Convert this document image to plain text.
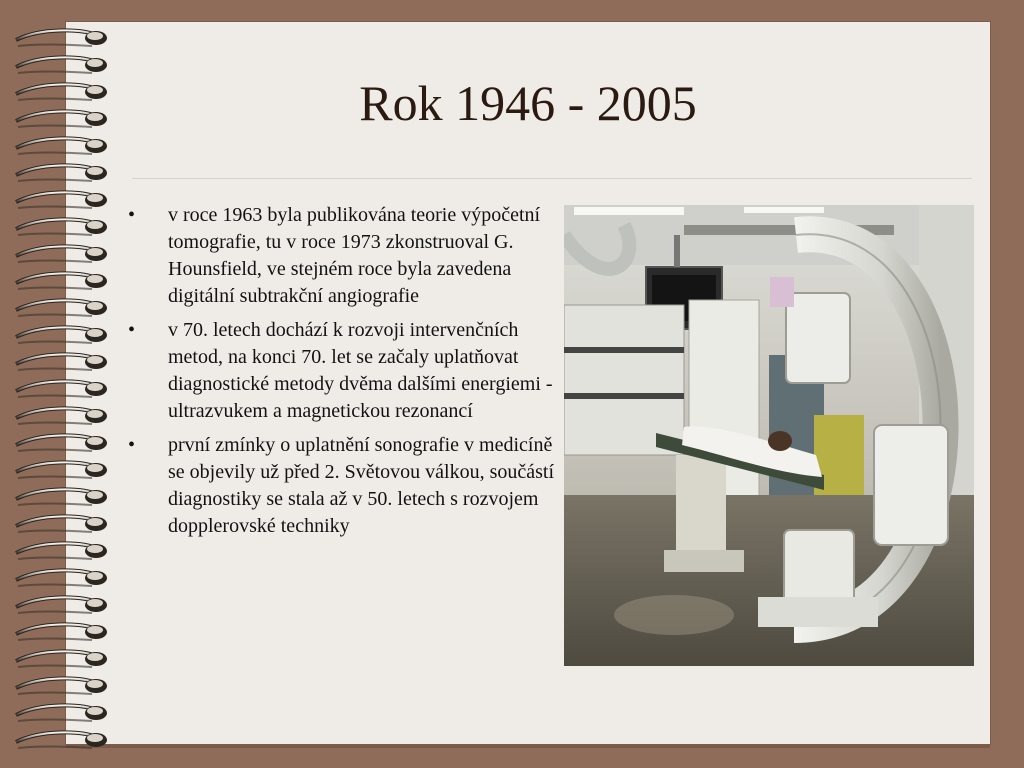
Rok 1946 - 2005
• v roce 1963 byla publikována teorie výpočetní tomografie, tu v roce 1973 zkonstruoval G. Hounsfield, ve stejném roce byla zavedena digitální subtrakční angiografie
• v 70. letech dochází k rozvoji intervenčních metod, na konci 70. let se začaly uplatňovat diagnostické metody dvěma dalšími energiemi - ultrazvukem a magnetickou rezonancí
• první zmínky o uplatnění sonografie v medicíně se objevily už před 2. Světovou válkou, součástí diagnostiky se stala až v 50. letech s rozvojem dopplerovské techniky
